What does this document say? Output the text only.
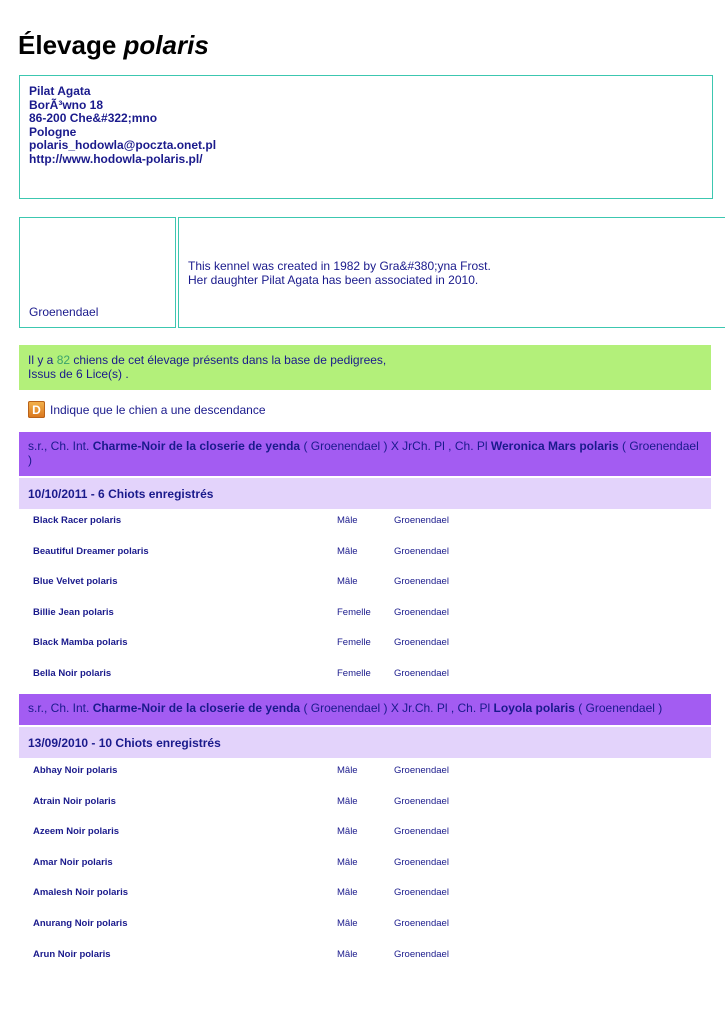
Élevage polaris
Pilat Agata
BorÃ³wno 18
86-200 Che&#322;mno
Pologne
polaris_hodowla@poczta.onet.pl
http://www.hodowla-polaris.pl/
Groenendael
This kennel was created in 1982 by Gra&#380;yna Frost.
Her daughter Pilat Agata has been associated in 2010.
Il y a 82 chiens de cet élevage présents dans la base de pedigrees,
Issus de 6 Lice(s) .
D Indique que le chien a une descendance
s.r., Ch. Int. Charme-Noir de la closerie de yenda ( Groenendael ) X JrCh. Pl , Ch. Pl Weronica Mars polaris ( Groenendael )
10/10/2011 - 6 Chiots enregistrés
Black Racer polaris	Mâle	Groenendael
Beautiful Dreamer polaris	Mâle	Groenendael
Blue Velvet polaris	Mâle	Groenendael
Billie Jean polaris	Femelle Groenendael
Black Mamba polaris	Femelle Groenendael
Bella Noir polaris	Femelle Groenendael
s.r., Ch. Int. Charme-Noir de la closerie de yenda ( Groenendael ) X Jr.Ch. Pl , Ch. Pl Loyola polaris ( Groenendael )
13/09/2010 - 10 Chiots enregistrés
Abhay Noir polaris	Mâle	Groenendael
Atrain Noir polaris	Mâle	Groenendael
Azeem Noir polaris	Mâle	Groenendael
Amar Noir polaris	Mâle	Groenendael
Amalesh Noir polaris	Mâle	Groenendael
Anurang Noir polaris	Mâle	Groenendael
Arun Noir polaris	Mâle	Groenendael
